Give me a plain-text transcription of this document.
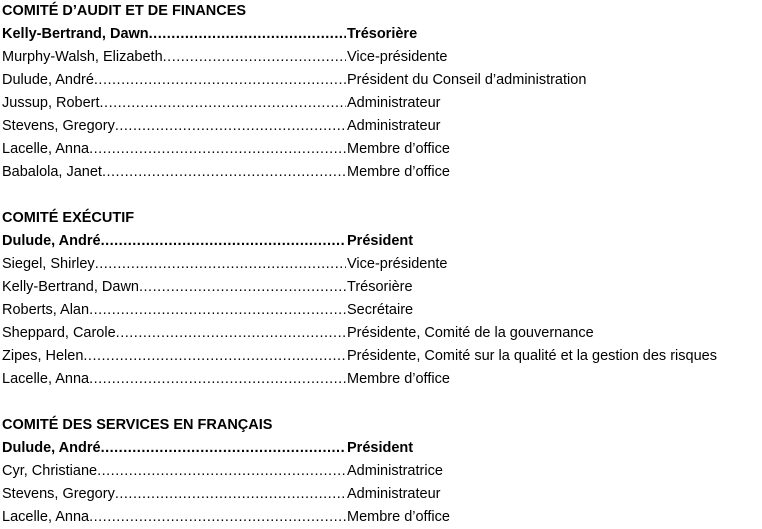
COMITÉ D’AUDIT ET DE FINANCES
Kelly-Bertrand, Dawn .....	Trésorière
Murphy-Walsh, Elizabeth .....	Vice-présidente
Dulude, André .....	Président du Conseil d’administration
Jussup, Robert .....	Administrateur
Stevens, Gregory .....	Administrateur
Lacelle, Anna .....	Membre d’office
Babalola, Janet .....	Membre d’office
COMITÉ EXÉCUTIF
Dulude, André .....	Président
Siegel, Shirley .....	Vice-présidente
Kelly-Bertrand, Dawn .....	Trésorière
Roberts, Alan .....	Secrétaire
Sheppard, Carole .....	Présidente, Comité de la gouvernance
Zipes, Helen .....	Présidente, Comité sur la qualité et la gestion des risques
Lacelle, Anna .....	Membre d’office
COMITÉ DES SERVICES EN FRANÇAIS
Dulude, André .....	Président
Cyr, Christiane .....	Administratrice
Stevens, Gregory .....	Administrateur
Lacelle, Anna .....	Membre d’office
